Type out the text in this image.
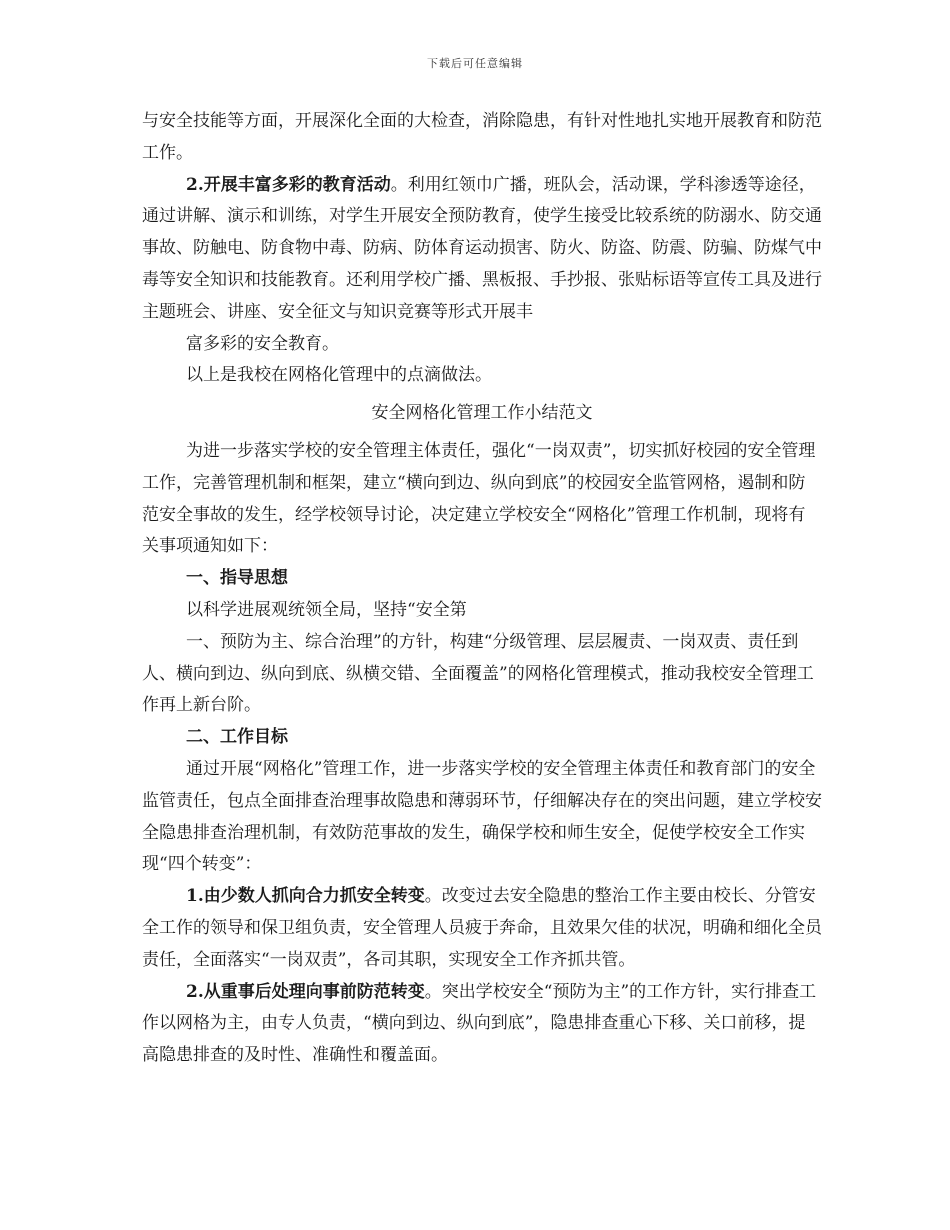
下载后可任意编辑

与安全技能等方面，开展深化全面的大检查，消除隐患，有针对性地扎实地开展教育和防范工作。

2.开展丰富多彩的教育活动。利用红领巾广播，班队会，活动课，学科渗透等途径，通过讲解、演示和训练，对学生开展安全预防教育，使学生接受比较系统的防溺水、防交通事故、防触电、防食物中毒、防病、防体育运动损害、防火、防盗、防震、防骗、防煤气中毒等安全知识和技能教育。还利用学校广播、黑板报、手抄报、张贴标语等宣传工具及进行主题班会、讲座、安全征文与知识竞赛等形式开展丰

富多彩的安全教育。

以上是我校在网格化管理中的点滴做法。

安全网格化管理工作小结范文

为进一步落实学校的安全管理主体责任，强化“一岗双责”，切实抓好校园的安全管理工作，完善管理机制和框架，建立“横向到边、纵向到底”的校园安全监管网格，遏制和防范安全事故的发生，经学校领导讨论，决定建立学校安全“网格化”管理工作机制，现将有关事项通知如下：

一、指导思想

以科学进展观统领全局，坚持“安全第

一、预防为主、综合治理”的方针，构建“分级管理、层层履责、一岗双责、责任到人、横向到边、纵向到底、纵横交错、全面覆盖”的网格化管理模式，推动我校安全管理工作再上新台阶。

二、工作目标

通过开展“网格化”管理工作，进一步落实学校的安全管理主体责任和教育部门的安全监管责任，包点全面排查治理事故隐患和薄弱环节，仔细解决存在的突出问题，建立学校安全隐患排查治理机制，有效防范事故的发生，确保学校和师生安全，促使学校安全工作实现“四个转变”：

1.由少数人抓向合力抓安全转变。改变过去安全隐患的整治工作主要由校长、分管安全工作的领导和保卫组负责，安全管理人员疲于奔命，且效果欠佳的状况，明确和细化全员责任，全面落实“一岗双责”，各司其职，实现安全工作齐抓共管。

2.从重事后处理向事前防范转变。突出学校安全“预防为主”的工作方针，实行排查工作以网格为主，由专人负责，“横向到边、纵向到底”，隐患排查重心下移、关口前移，提高隐患排查的及时性、准确性和覆盖面。
